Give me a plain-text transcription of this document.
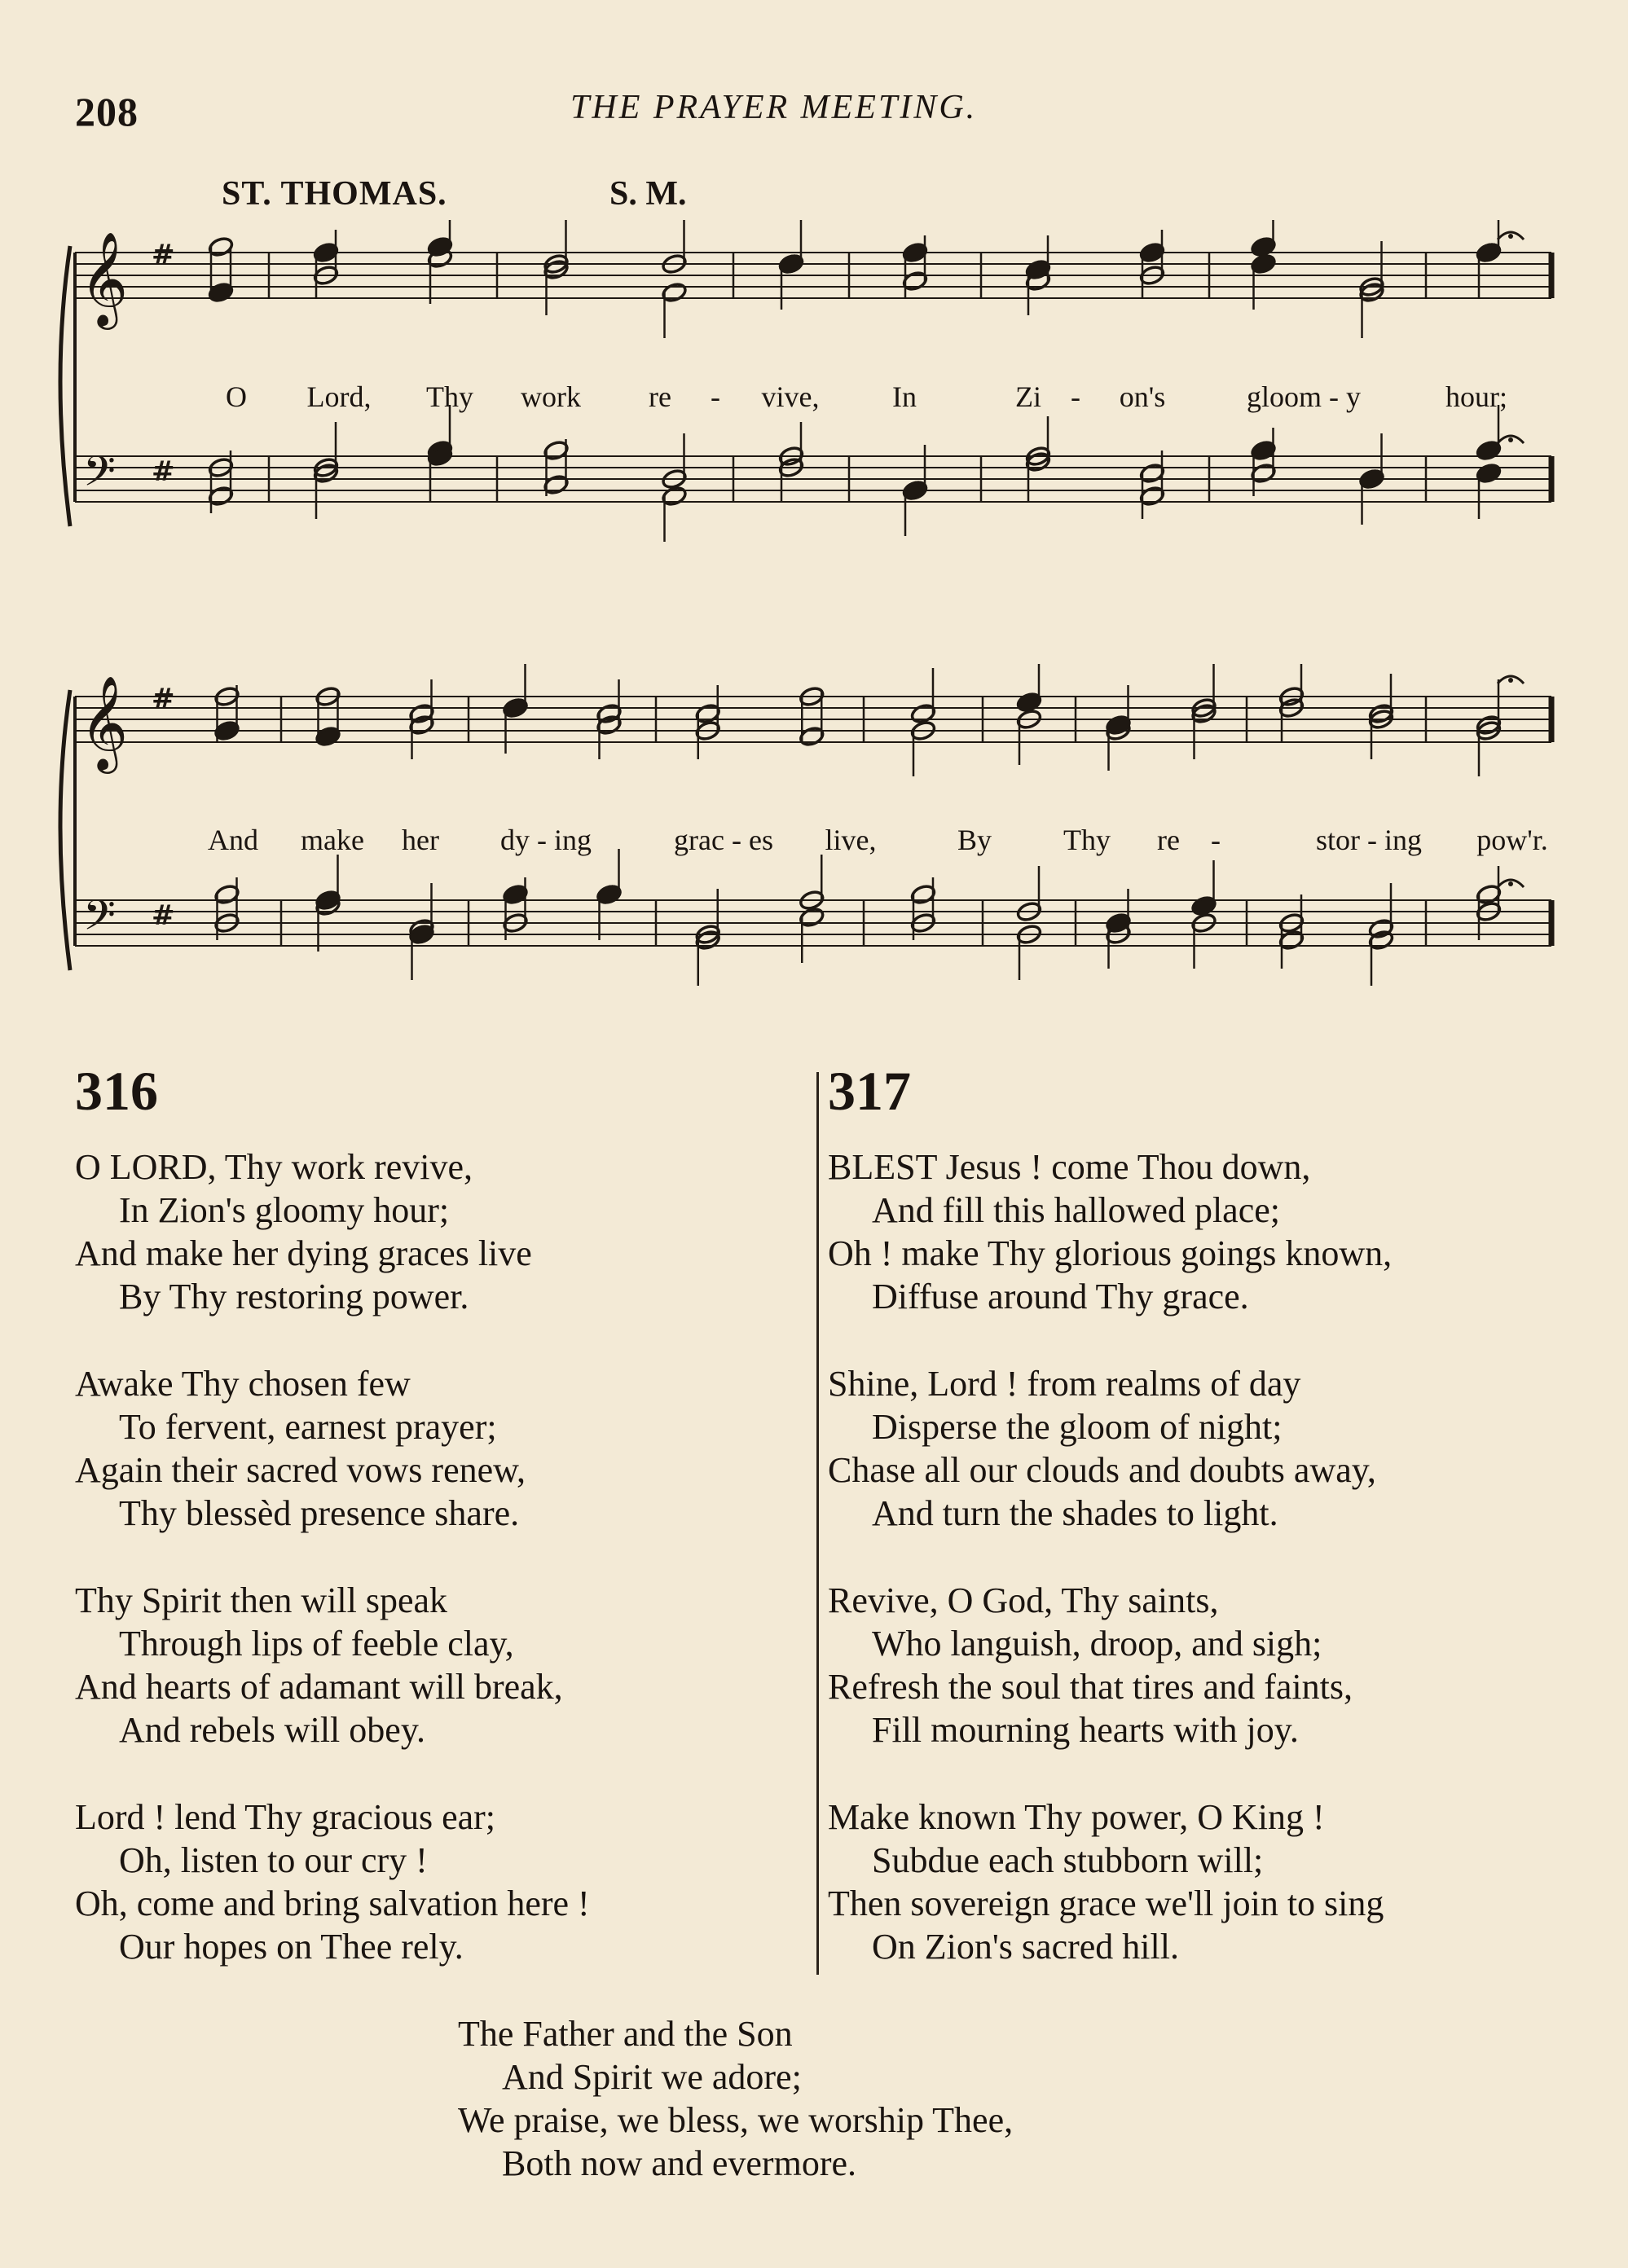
208	THE PRAYER MEETING.
ST. THOMAS.	S. M.
𝄞
𝄢
#
#
O Lord, Thy work re - vive, In	Zi - on's	gloom - y	hour;
𝄞
𝄢
#
#
And make her dy - ing	grac - es live,	By Thy re -	stor - ing pow'r.
316
O LORD, Thy work revive,
In Zion's gloomy hour;
And make her dying graces live
By Thy restoring power.
Awake Thy chosen few
To fervent, earnest prayer;
Again their sacred vows renew,
Thy blessèd presence share.
Thy Spirit then will speak
Through lips of feeble clay,
And hearts of adamant will break,
And rebels will obey.
Lord ! lend Thy gracious ear;
Oh, listen to our cry !
Oh, come and bring salvation here !
Our hopes on Thee rely.
317
BLEST Jesus ! come Thou down,
And fill this hallowed place;
Oh ! make Thy glorious goings known,
Diffuse around Thy grace.
Shine, Lord ! from realms of day
Disperse the gloom of night;
Chase all our clouds and doubts away,
And turn the shades to light.
Revive, O God, Thy saints,
Who languish, droop, and sigh;
Refresh the soul that tires and faints,
Fill mourning hearts with joy.
Make known Thy power, O King !
Subdue each stubborn will;
Then sovereign grace we'll join to sing
On Zion's sacred hill.
The Father and the Son
And Spirit we adore;
We praise, we bless, we worship Thee,
Both now and evermore.
